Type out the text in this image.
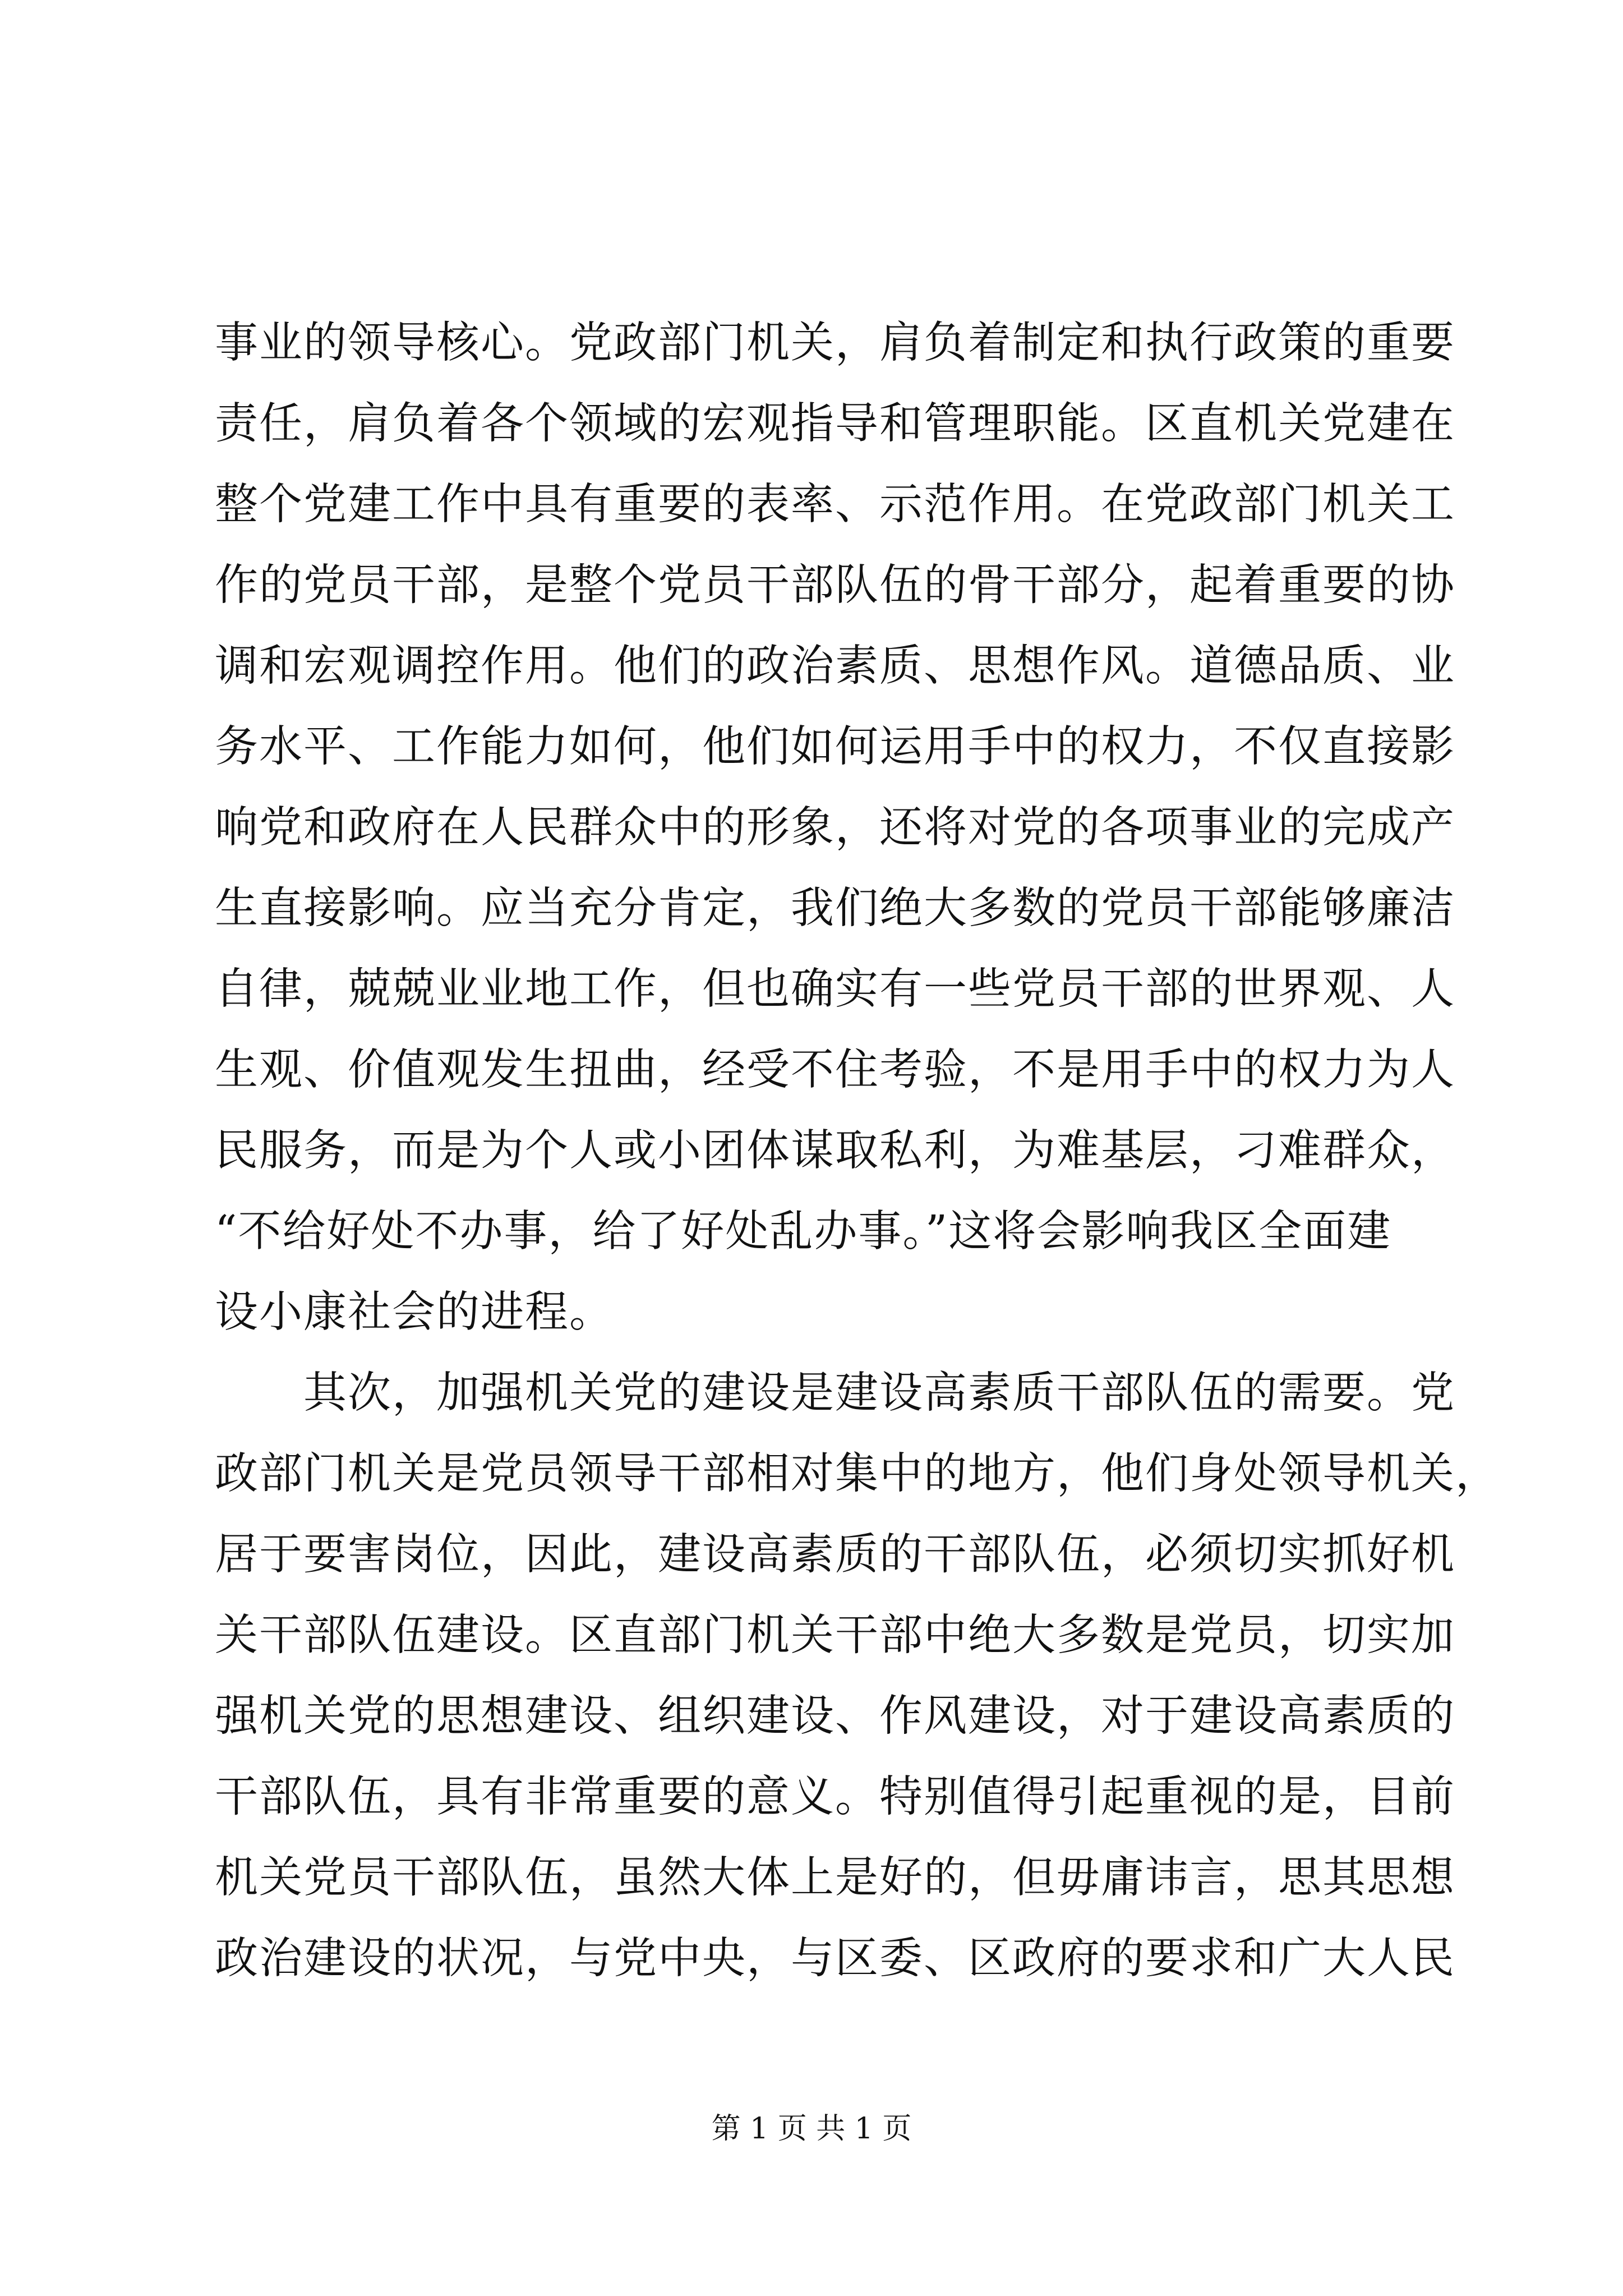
事业的领导核心。党政部门机关，肩负着制定和执行政策的重要
责任，肩负着各个领域的宏观指导和管理职能。区直机关党建在
整个党建工作中具有重要的表率、示范作用。在党政部门机关工
作的党员干部，是整个党员干部队伍的骨干部分，起着重要的协
调和宏观调控作用。他们的政治素质、思想作风。道德品质、业
务水平、工作能力如何，他们如何运用手中的权力，不仅直接影
响党和政府在人民群众中的形象，还将对党的各项事业的完成产
生直接影响。应当充分肯定，我们绝大多数的党员干部能够廉洁
自律，兢兢业业地工作，但也确实有一些党员干部的世界观、人
生观、价值观发生扭曲，经受不住考验，不是用手中的权力为人
民服务，而是为个人或小团体谋取私利，为难基层，刁难群众，
“不给好处不办事，给了好处乱办事。”这将会影响我区全面建
设小康社会的进程。
　　其次，加强机关党的建设是建设高素质干部队伍的需要。党
政部门机关是党员领导干部相对集中的地方，他们身处领导机关，
居于要害岗位，因此，建设高素质的干部队伍，必须切实抓好机
关干部队伍建设。区直部门机关干部中绝大多数是党员，切实加
强机关党的思想建设、组织建设、作风建设，对于建设高素质的
干部队伍，具有非常重要的意义。特别值得引起重视的是，目前
机关党员干部队伍，虽然大体上是好的，但毋庸讳言，思其思想
政治建设的状况，与党中央，与区委、区政府的要求和广大人民
第 1 页 共 1 页
